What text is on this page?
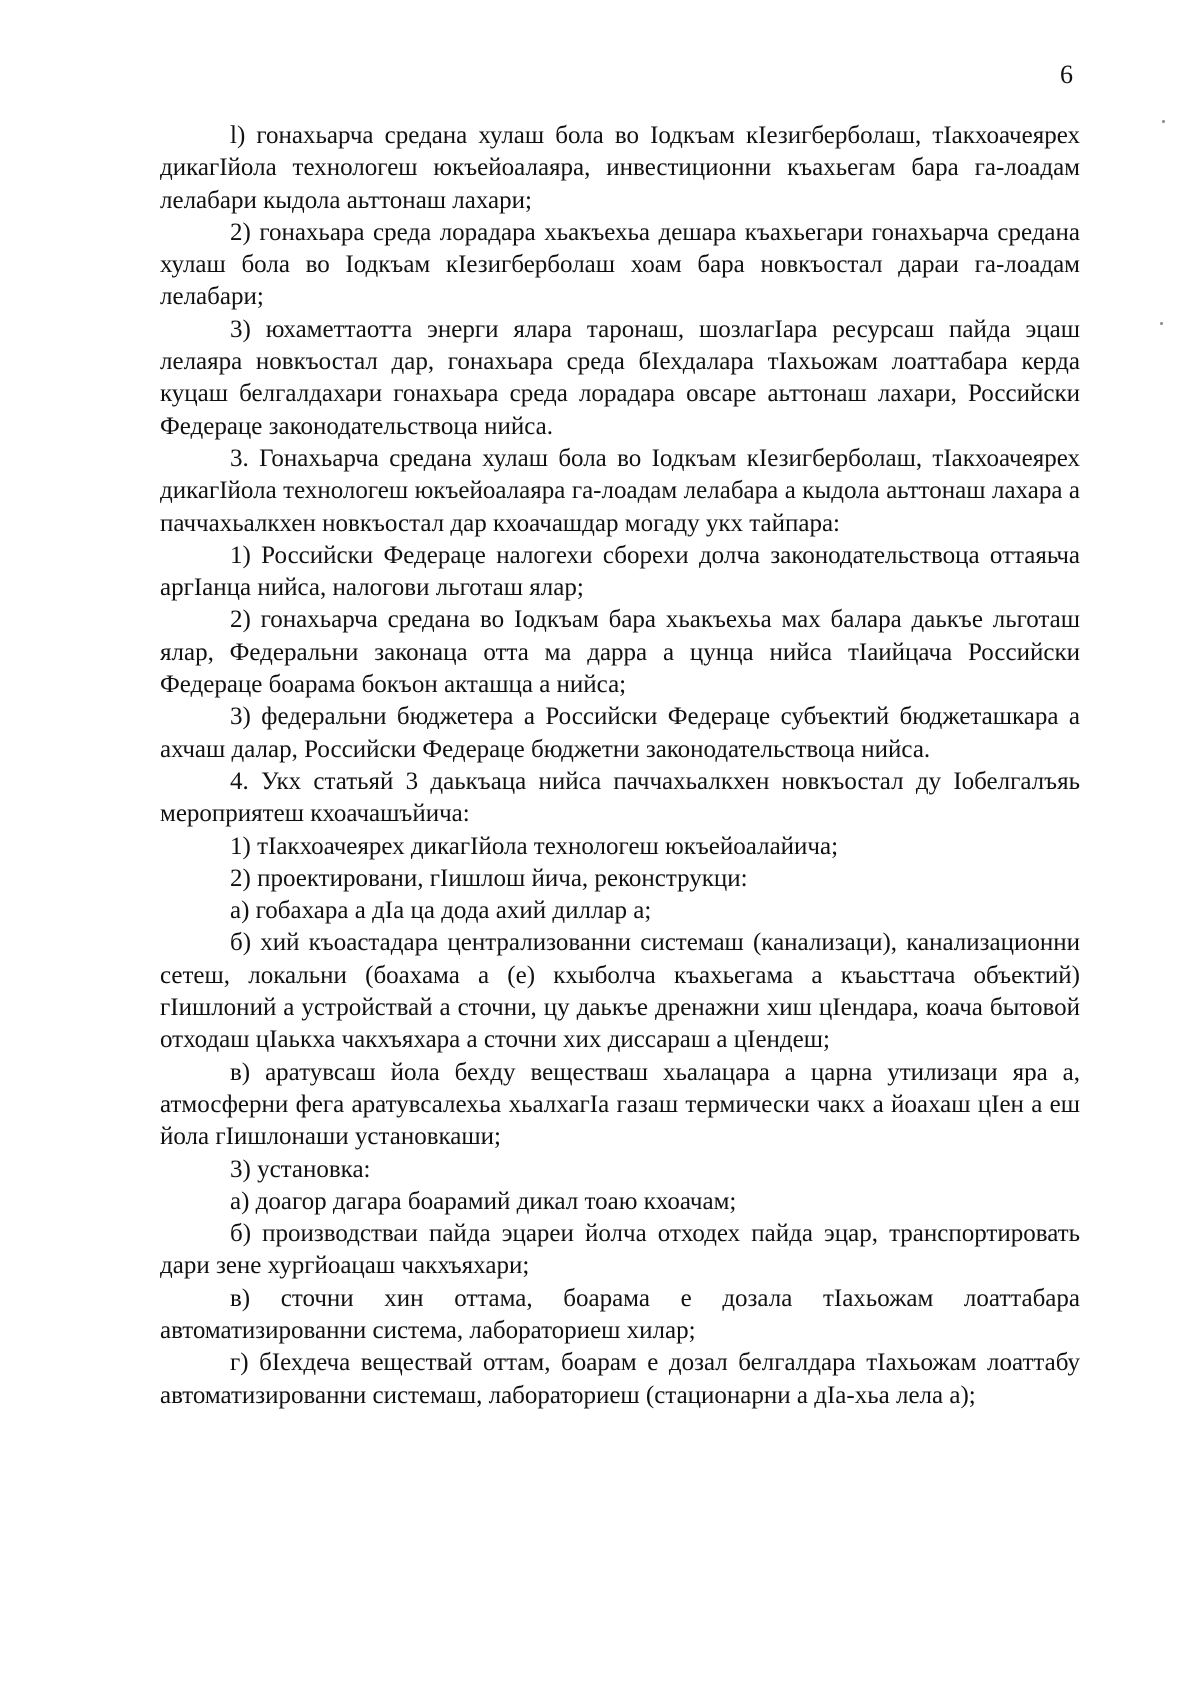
6

l) гонахьарча средана хулаш бола во Iодкъам кIезигберболаш, тIакхоачеярех дикагIйола технологеш юкъейоалаяра, инвестиционни къахьегам бара га-лоадам лелабари кыдола аьттонаш лахари;

2) гонахьара среда лорадара хьакъехьа дешара къахьегари гонахьарча средана хулаш бола во Iодкъам кIезигберболаш хоам бара новкъостал дараи га-лоадам лелабари;

3) юхаметтаотта энерги ялара таронаш, шозлагIара ресурсаш пайда эцаш лелаяра новкъостал дар, гонахьара среда бIехдалара тIахьожам лоаттабара керда куцаш белгалдахари гонахьара среда лорадара овсаре аьттонаш лахари, Российски Федераце законодательствоца нийса.

3. Гонахьарча средана хулаш бола во Iодкъам кIезигберболаш, тIакхоачеярех дикагIйола технологеш юкъейоалаяра га-лоадам лелабара а кыдола аьттонаш лахара а паччахьалкхен новкъостал дар кхоачашдар могаду укх тайпара:

1) Российски Федераце налогехи сборехи долча законодательствоца оттаяьча аргIанца нийса, налогови льготаш ялар;

2) гонахьарча средана во Iодкъам бара хьакъехьа мах балара даькъе льготаш ялар, Федеральни законаца отта ма дарра а цунца нийса тIаийцача Российски Федераце боарама бокъон акташца а нийса;

3) федеральни бюджетера а Российски Федераце субъектий бюджеташкара а ахчаш далар, Российски Федераце бюджетни законодательствоца нийса.

4. Укх статьяй 3 даькъаца нийса паччахьалкхен новкъостал ду Iобелгалъяь мероприятеш кхоачашъйича:

1) тIакхоачеярех дикагIйола технологеш юкъейоалайича;

2) проектировани, гIишлош йича, реконструкци:

а) гобахара а дIа ца дода ахий диллар а;

б) хий къоастадара централизованни системаш (канализаци), канализационни сетеш, локальни (боахама а (е) кхыболча къахьегама а къаьсттача объектий) гIишлоний а устройствай а сточни, цу даькъе дренажни хиш цIендара, коача бытовой отходаш цIаькха чакхъяхара а сточни хих диссараш а цIендеш;

в) аратувсаш йола бехду веществаш хьалацара а царна утилизаци яра а, атмосферни фега аратувсалехьа хьалхагIа газаш термически чакх а йоахаш цIен а еш йола гIишлонаши установкаши;

3) установка:

а) доагор дагара боарамий дикал тоаю кхоачам;

б) производстваи пайда эцареи йолча отходех пайда эцар, транспортировать дари зене хургйоацаш чакхъяхари;

в) сточни хин оттама, боарама е дозала тIахьожам лоаттабара автоматизированни система, лабораториеш хилар;

г) бIехдеча веществай оттам, боарам е дозал белгалдара тIахьожам лоаттабу автоматизированни системаш, лабораториеш (стационарни а дIа-хьа лела а);
